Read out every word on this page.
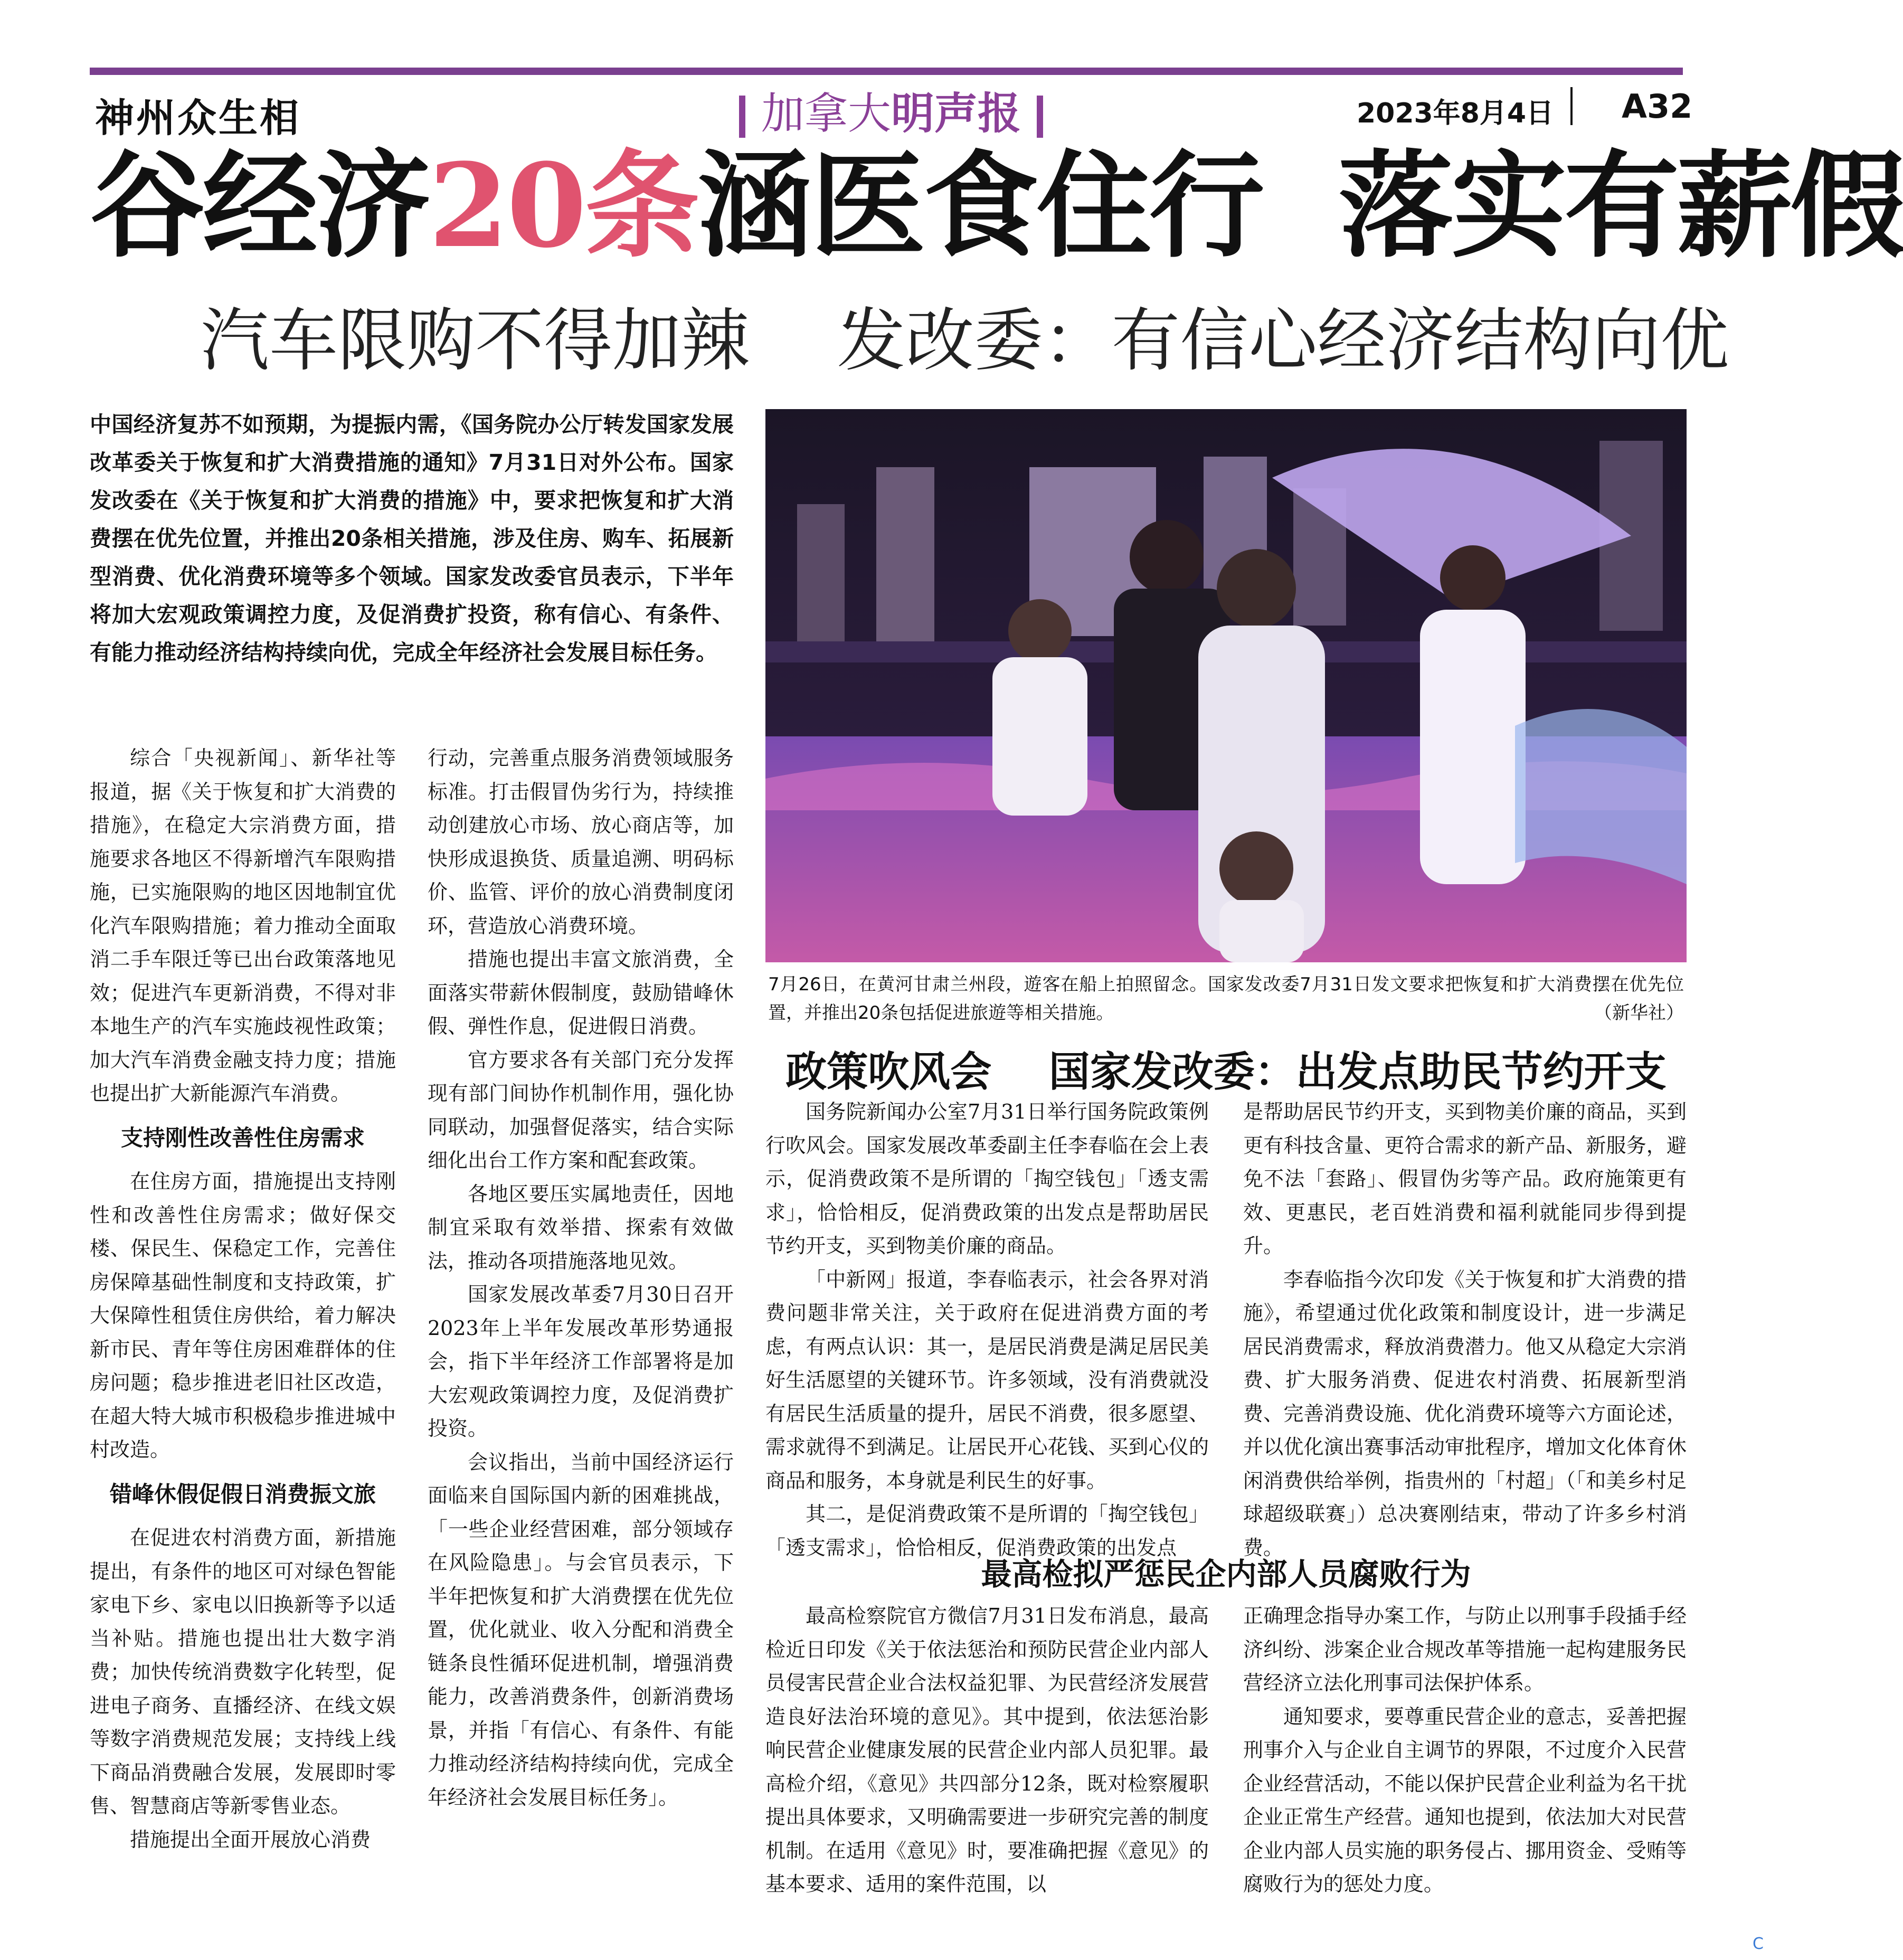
神州众生相	加拿大明声报	2023年8月4日 A32
谷经济20条涵医食住行  落实有薪假
汽车限购不得加辣    发改委：有信心经济结构向优
中国经济复苏不如预期，为提振内需，《国务院办公厅转发国家发展改革委关于恢复和扩大消费措施的通知》7月31日对外公布。国家发改委在《关于恢复和扩大消费的措施》中，要求把恢复和扩大消费摆在优先位置，并推出20条相关措施，涉及住房、购车、拓展新型消费、优化消费环境等多个领域。国家发改委官员表示，下半年将加大宏观政策调控力度，及促消费扩投资，称有信心、有条件、有能力推动经济结构持续向优，完成全年经济社会发展目标任务。

综合「央视新闻」、新华社等报道，据《关于恢复和扩大消费的措施》，在稳定大宗消费方面，措施要求各地区不得新增汽车限购措施，已实施限购的地区因地制宜优化汽车限购措施；着力推动全面取消二手车限迁等已出台政策落地见效；促进汽车更新消费，不得对非本地生产的汽车实施歧视性政策；加大汽车消费金融支持力度；措施也提出扩大新能源汽车消费。

支持刚性改善性住房需求

在住房方面，措施提出支持刚性和改善性住房需求；做好保交楼、保民生、保稳定工作，完善住房保障基础性制度和支持政策，扩大保障性租赁住房供给，着力解决新市民、青年等住房困难群体的住房问题；稳步推进老旧社区改造，在超大特大城市积极稳步推进城中村改造。

错峰休假促假日消费振文旅

在促进农村消费方面，新措施提出，有条件的地区可对绿色智能家电下乡、家电以旧换新等予以适当补贴。措施也提出壮大数字消费；加快传统消费数字化转型，促进电子商务、直播经济、在线文娱等数字消费规范发展；支持线上线下商品消费融合发展，发展即时零售、智慧商店等新零售业态。

措施提出全面开展放心消费

行动，完善重点服务消费领域服务标准。打击假冒伪劣行为，持续推动创建放心市场、放心商店等，加快形成退换货、质量追溯、明码标价、监管、评价的放心消费制度闭环，营造放心消费环境。

措施也提出丰富文旅消费，全面落实带薪休假制度，鼓励错峰休假、弹性作息，促进假日消费。

官方要求各有关部门充分发挥现有部门间协作机制作用，强化协同联动，加强督促落实，结合实际细化出台工作方案和配套政策。

各地区要压实属地责任，因地制宜采取有效举措、探索有效做法，推动各项措施落地见效。

国家发展改革委7月30日召开2023年上半年发展改革形势通报会，指下半年经济工作部署将是加大宏观政策调控力度，及促消费扩投资。

会议指出，当前中国经济运行面临来自国际国内新的困难挑战，「一些企业经营困难，部分领域存在风险隐患」。与会官员表示，下半年把恢复和扩大消费摆在优先位置，优化就业、收入分配和消费全链条良性循环促进机制，增强消费能力，改善消费条件，创新消费场景，并指「有信心、有条件、有能力推动经济结构持续向优，完成全年经济社会发展目标任务」。

7月26日，在黄河甘肃兰州段，遊客在船上拍照留念。国家发改委7月31日发文要求把恢复和扩大消费摆在优先位置，并推出20条包括促进旅遊等相关措施。	（新华社）
政策吹风会    国家发改委：出发点助民节约开支

国务院新闻办公室7月31日举行国务院政策例行吹风会。国家发展改革委副主任李春临在会上表示，促消费政策不是所谓的「掏空钱包」「透支需求」，恰恰相反，促消费政策的出发点是帮助居民节约开支，买到物美价廉的商品。

「中新网」报道，李春临表示，社会各界对消费问题非常关注，关于政府在促进消费方面的考虑，有两点认识：其一，是居民消费是满足居民美好生活愿望的关键环节。许多领域，没有消费就没有居民生活质量的提升，居民不消费，很多愿望、需求就得不到满足。让居民开心花钱、买到心仪的商品和服务，本身就是利民生的好事。

其二，是促消费政策不是所谓的「掏空钱包」「透支需求」，恰恰相反，促消费政策的出发点

是帮助居民节约开支，买到物美价廉的商品，买到更有科技含量、更符合需求的新产品、新服务，避免不法「套路」、假冒伪劣等产品。政府施策更有效、更惠民，老百姓消费和福利就能同步得到提升。

李春临指今次印发《关于恢复和扩大消费的措施》，希望通过优化政策和制度设计，进一步满足居民消费需求，释放消费潜力。他又从稳定大宗消费、扩大服务消费、促进农村消费、拓展新型消费、完善消费设施、优化消费环境等六方面论述，并以优化演出赛事活动审批程序，增加文化体育休闲消费供给举例，指贵州的「村超」（「和美乡村足球超级联赛」）总决赛刚结束，带动了许多乡村消费。

最高检拟严惩民企内部人员腐败行为

最高检察院官方微信7月31日发布消息，最高检近日印发《关于依法惩治和预防民营企业内部人员侵害民营企业合法权益犯罪、为民营经济发展营造良好法治环境的意见》。其中提到，依法惩治影响民营企业健康发展的民营企业内部人员犯罪。最高检介绍，《意见》共四部分12条，既对检察履职提出具体要求，又明确需要进一步研究完善的制度机制。在适用《意见》时，要准确把握《意见》的基本要求、适用的案件范围，以

正确理念指导办案工作，与防止以刑事手段插手经济纠纷、涉案企业合规改革等措施一起构建服务民营经济立法化刑事司法保护体系。

通知要求，要尊重民营企业的意志，妥善把握刑事介入与企业自主调节的界限，不过度介入民营企业经营活动，不能以保护民营企业利益为名干扰企业正常生产经营。通知也提到，依法加大对民营企业内部人员实施的职务侵占、挪用资金、受贿等腐败行为的惩处力度。

C
